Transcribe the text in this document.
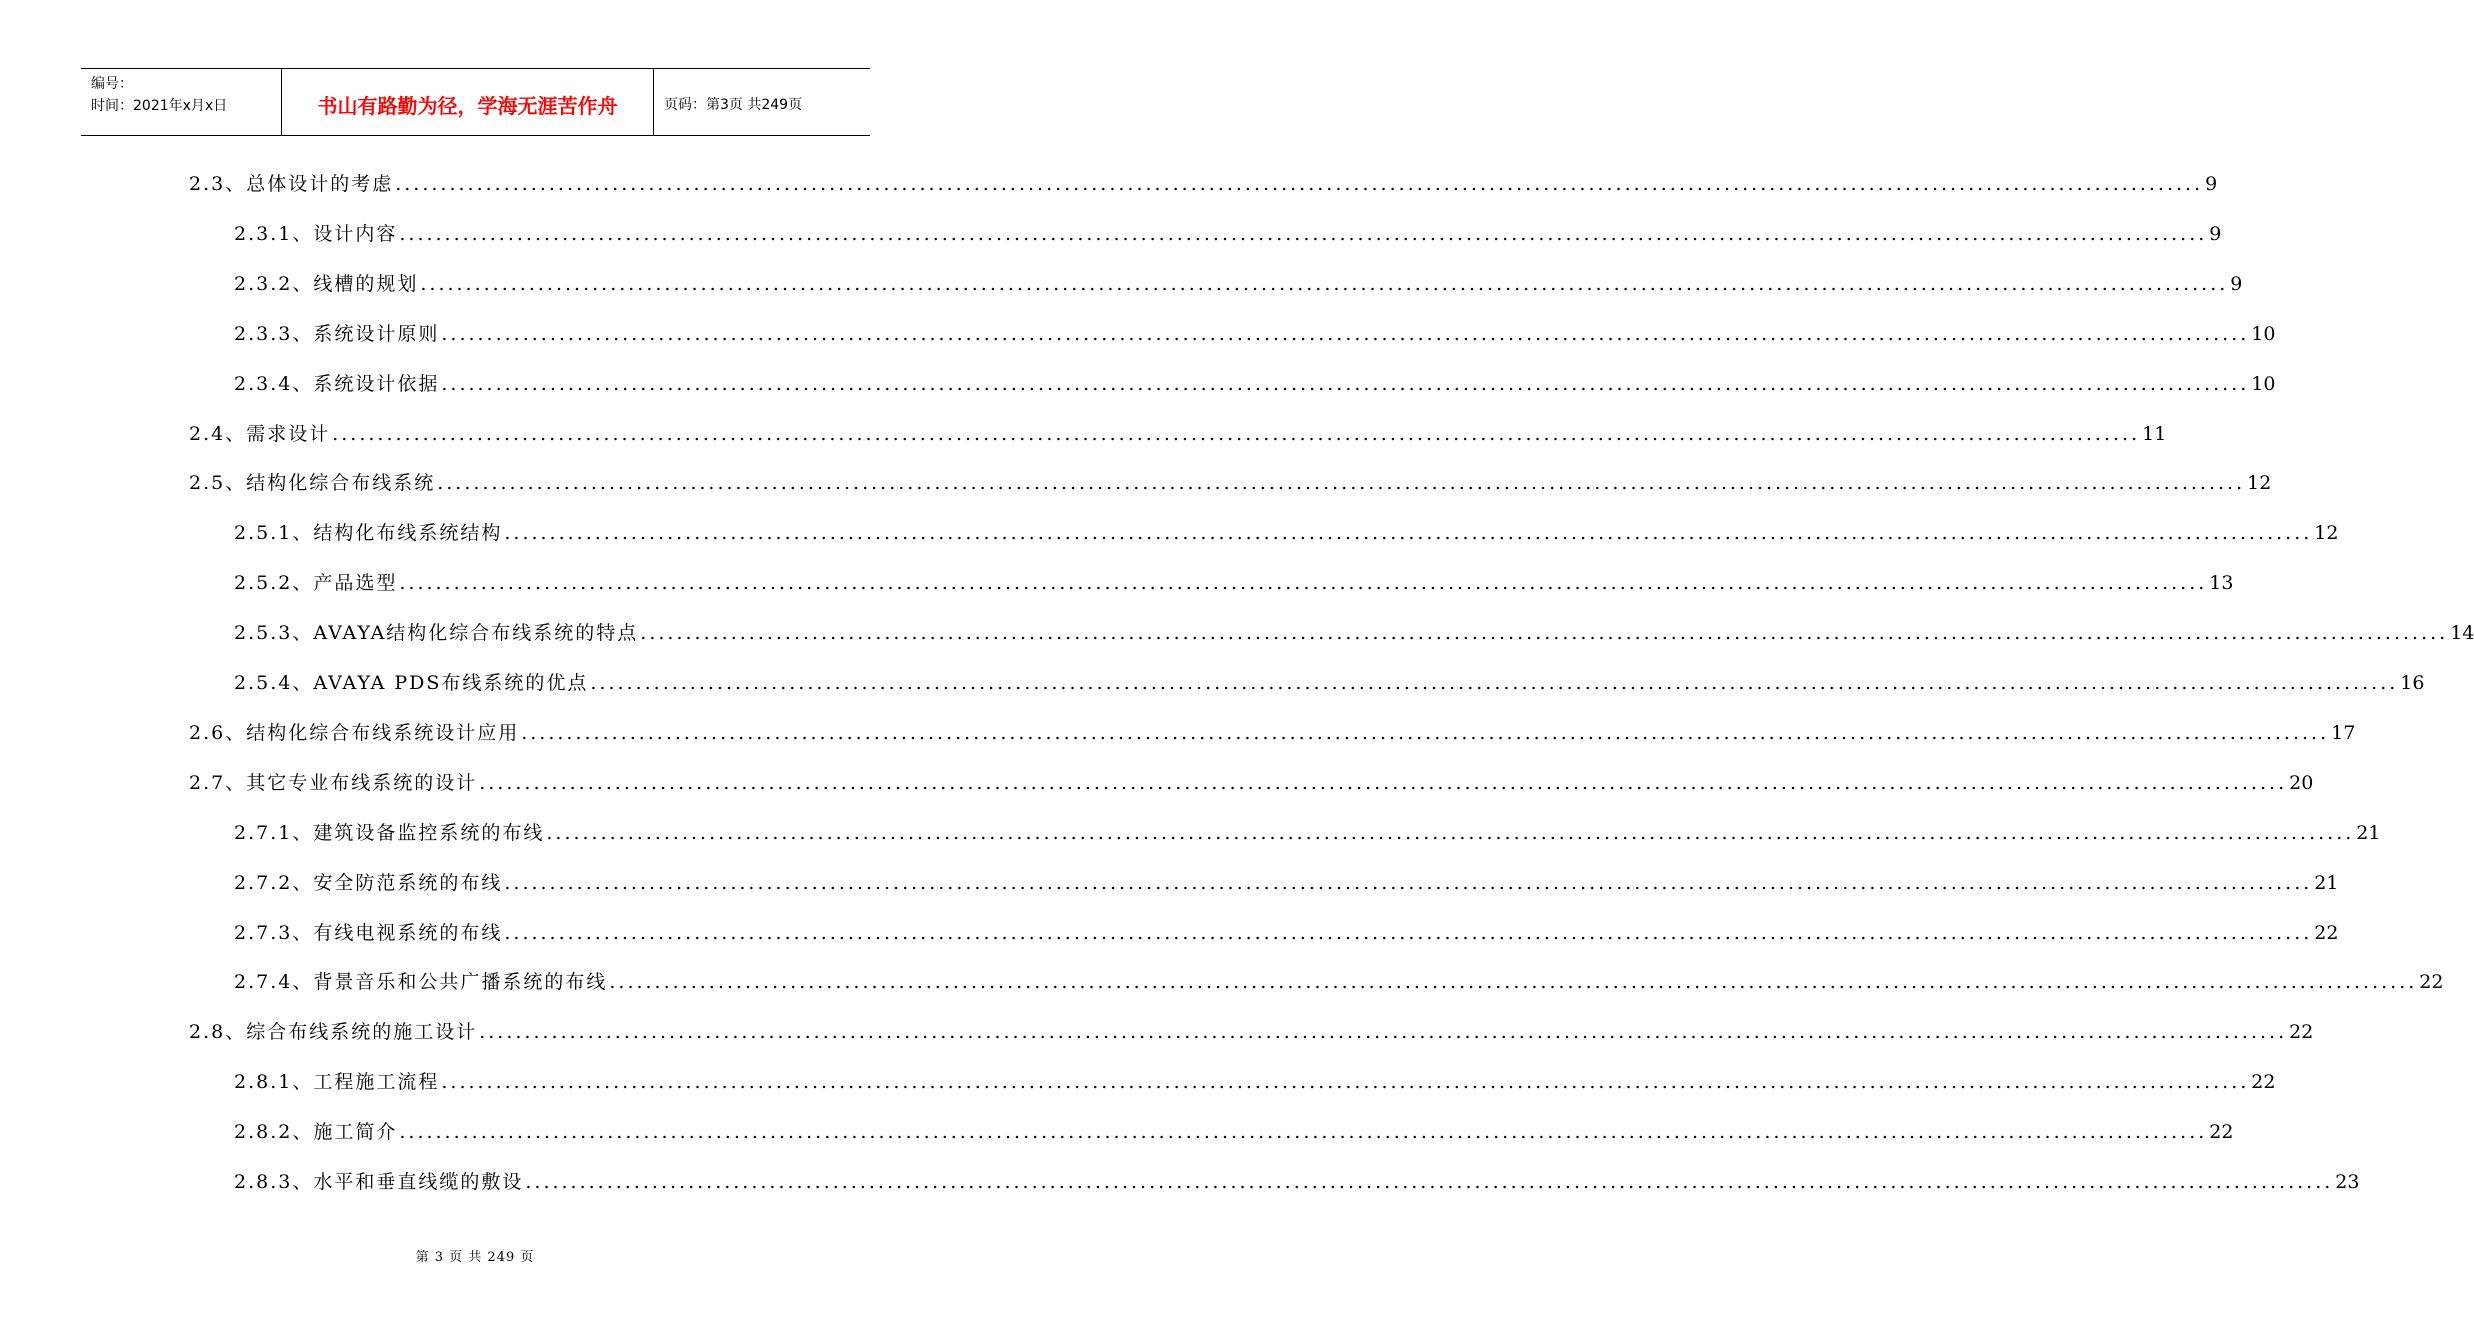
编号：
时间：2021年x月x日	书山有路勤为径，学海无涯苦作舟	页码：第3页 共249页
2.3、总体设计的考虑 ........................................................................................................................................................................................................ 9
2.3.1、设计内容 ........................................................................................................................................................................................................ 9
2.3.2、线槽的规划 ........................................................................................................................................................................................................ 9
2.3.3、系统设计原则 ........................................................................................................................................................................................................ 10
2.3.4、系统设计依据 ........................................................................................................................................................................................................ 10
2.4、需求设计 ........................................................................................................................................................................................................ 11
2.5、结构化综合布线系统 ........................................................................................................................................................................................................ 12
2.5.1、结构化布线系统结构 ........................................................................................................................................................................................................ 12
2.5.2、产品选型 ........................................................................................................................................................................................................ 13
2.5.3、AVAYA结构化综合布线系统的特点 ........................................................................................................................................................................................................ 14
2.5.4、AVAYA PDS布线系统的优点 ........................................................................................................................................................................................................ 16
2.6、结构化综合布线系统设计应用 ........................................................................................................................................................................................................ 17
2.7、其它专业布线系统的设计 ........................................................................................................................................................................................................ 20
2.7.1、建筑设备监控系统的布线 ........................................................................................................................................................................................................ 21
2.7.2、安全防范系统的布线 ........................................................................................................................................................................................................ 21
2.7.3、有线电视系统的布线 ........................................................................................................................................................................................................ 22
2.7.4、背景音乐和公共广播系统的布线 ........................................................................................................................................................................................................ 22
2.8、综合布线系统的施工设计 ........................................................................................................................................................................................................ 22
2.8.1、工程施工流程 ........................................................................................................................................................................................................ 22
2.8.2、施工简介 ........................................................................................................................................................................................................ 22
2.8.3、水平和垂直线缆的敷设 ........................................................................................................................................................................................................ 23
第 3 页 共 249 页
